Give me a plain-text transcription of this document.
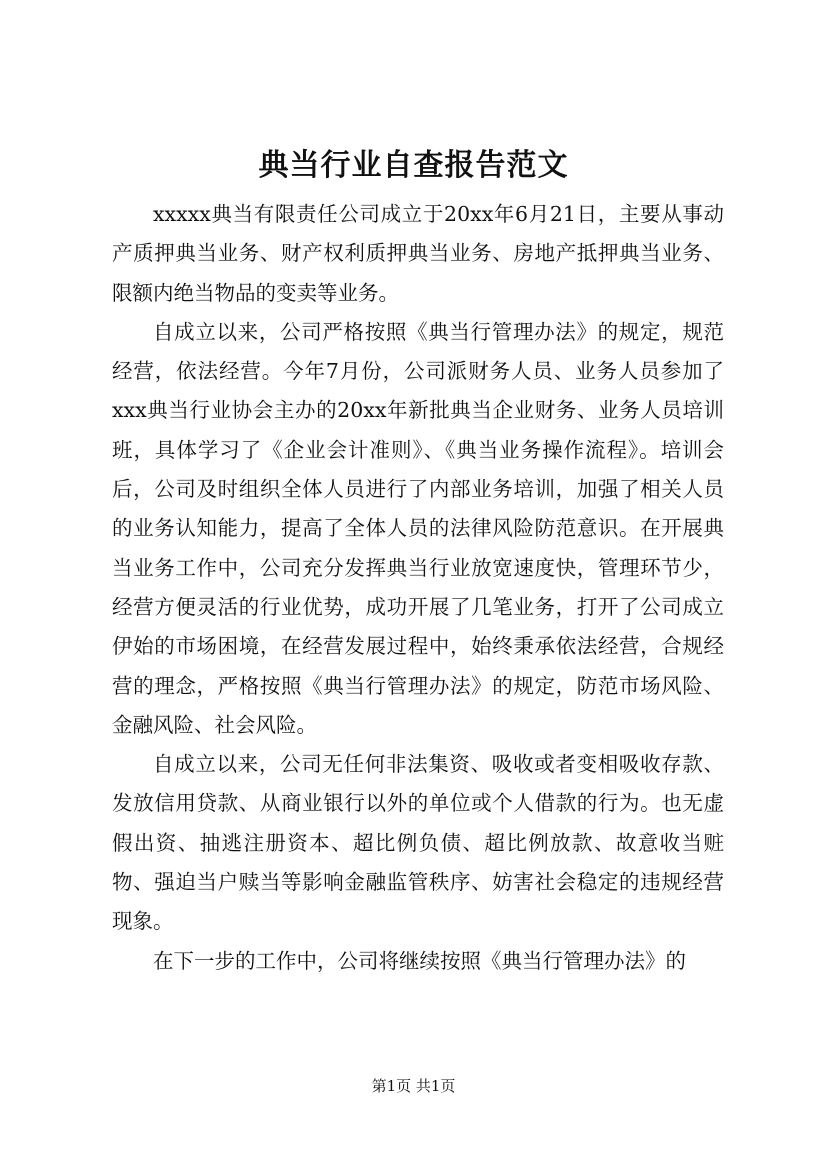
典当行业自查报告范文

xxxxx典当有限责任公司成立于20xx年6月21日，主要从事动产质押典当业务、财产权利质押典当业务、房地产抵押典当业务、限额内绝当物品的变卖等业务。

自成立以来，公司严格按照《典当行管理办法》的规定，规范经营，依法经营。今年7月份，公司派财务人员、业务人员参加了xxx典当行业协会主办的20xx年新批典当企业财务、业务人员培训班，具体学习了《企业会计准则》、《典当业务操作流程》。培训会后，公司及时组织全体人员进行了内部业务培训，加强了相关人员的业务认知能力，提高了全体人员的法律风险防范意识。在开展典当业务工作中，公司充分发挥典当行业放宽速度快，管理环节少，经营方便灵活的行业优势，成功开展了几笔业务，打开了公司成立伊始的市场困境，在经营发展过程中，始终秉承依法经营，合规经营的理念，严格按照《典当行管理办法》的规定，防范市场风险、金融风险、社会风险。

自成立以来，公司无任何非法集资、吸收或者变相吸收存款、发放信用贷款、从商业银行以外的单位或个人借款的行为。也无虚假出资、抽逃注册资本、超比例负债、超比例放款、故意收当赃物、强迫当户赎当等影响金融监管秩序、妨害社会稳定的违规经营现象。

在下一步的工作中，公司将继续按照《典当行管理办法》的

第1页 共1页
